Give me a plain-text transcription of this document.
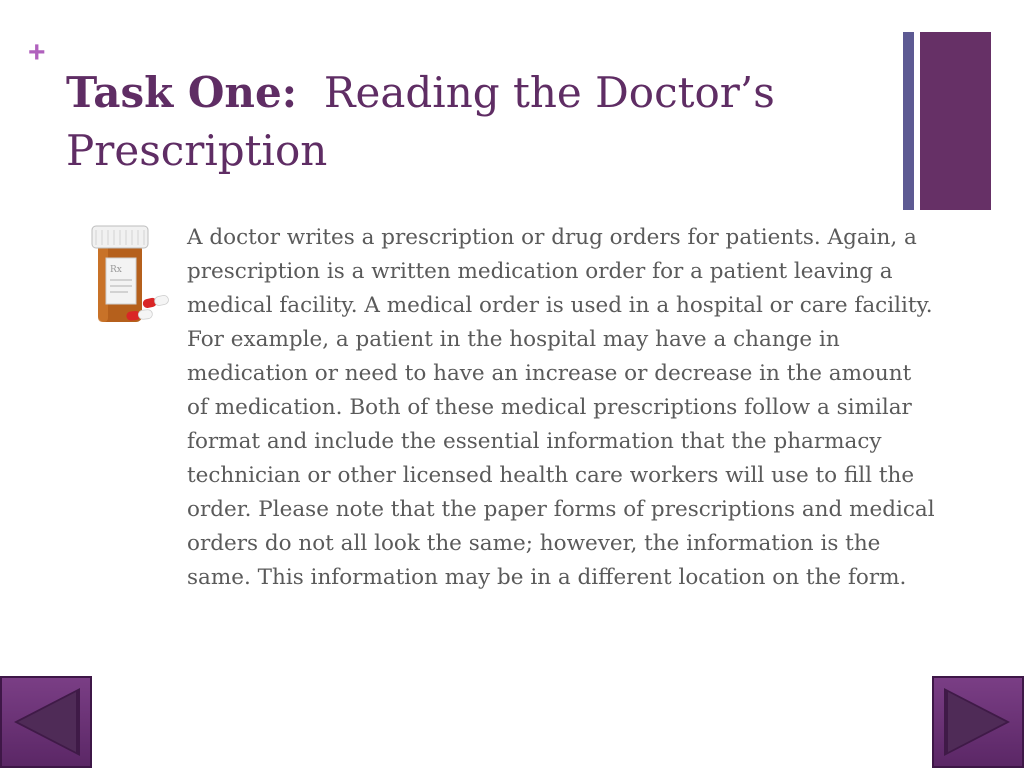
+
Task One: Reading the Doctor’s Prescription
Rx

A doctor writes a prescription or drug orders for patients. Again, a prescription is a written medication order for a patient leaving a medical facility. A medical order is used in a hospital or care facility. For example, a patient in the hospital may have a change in medication or need to have an increase or decrease in the amount of medication. Both of these medical prescriptions follow a similar format and include the essential information that the pharmacy technician or other licensed health care workers will use to fill the order. Please note that the paper forms of prescriptions and medical orders do not all look the same; however, the information is the same. This information may be in a different location on the form.
